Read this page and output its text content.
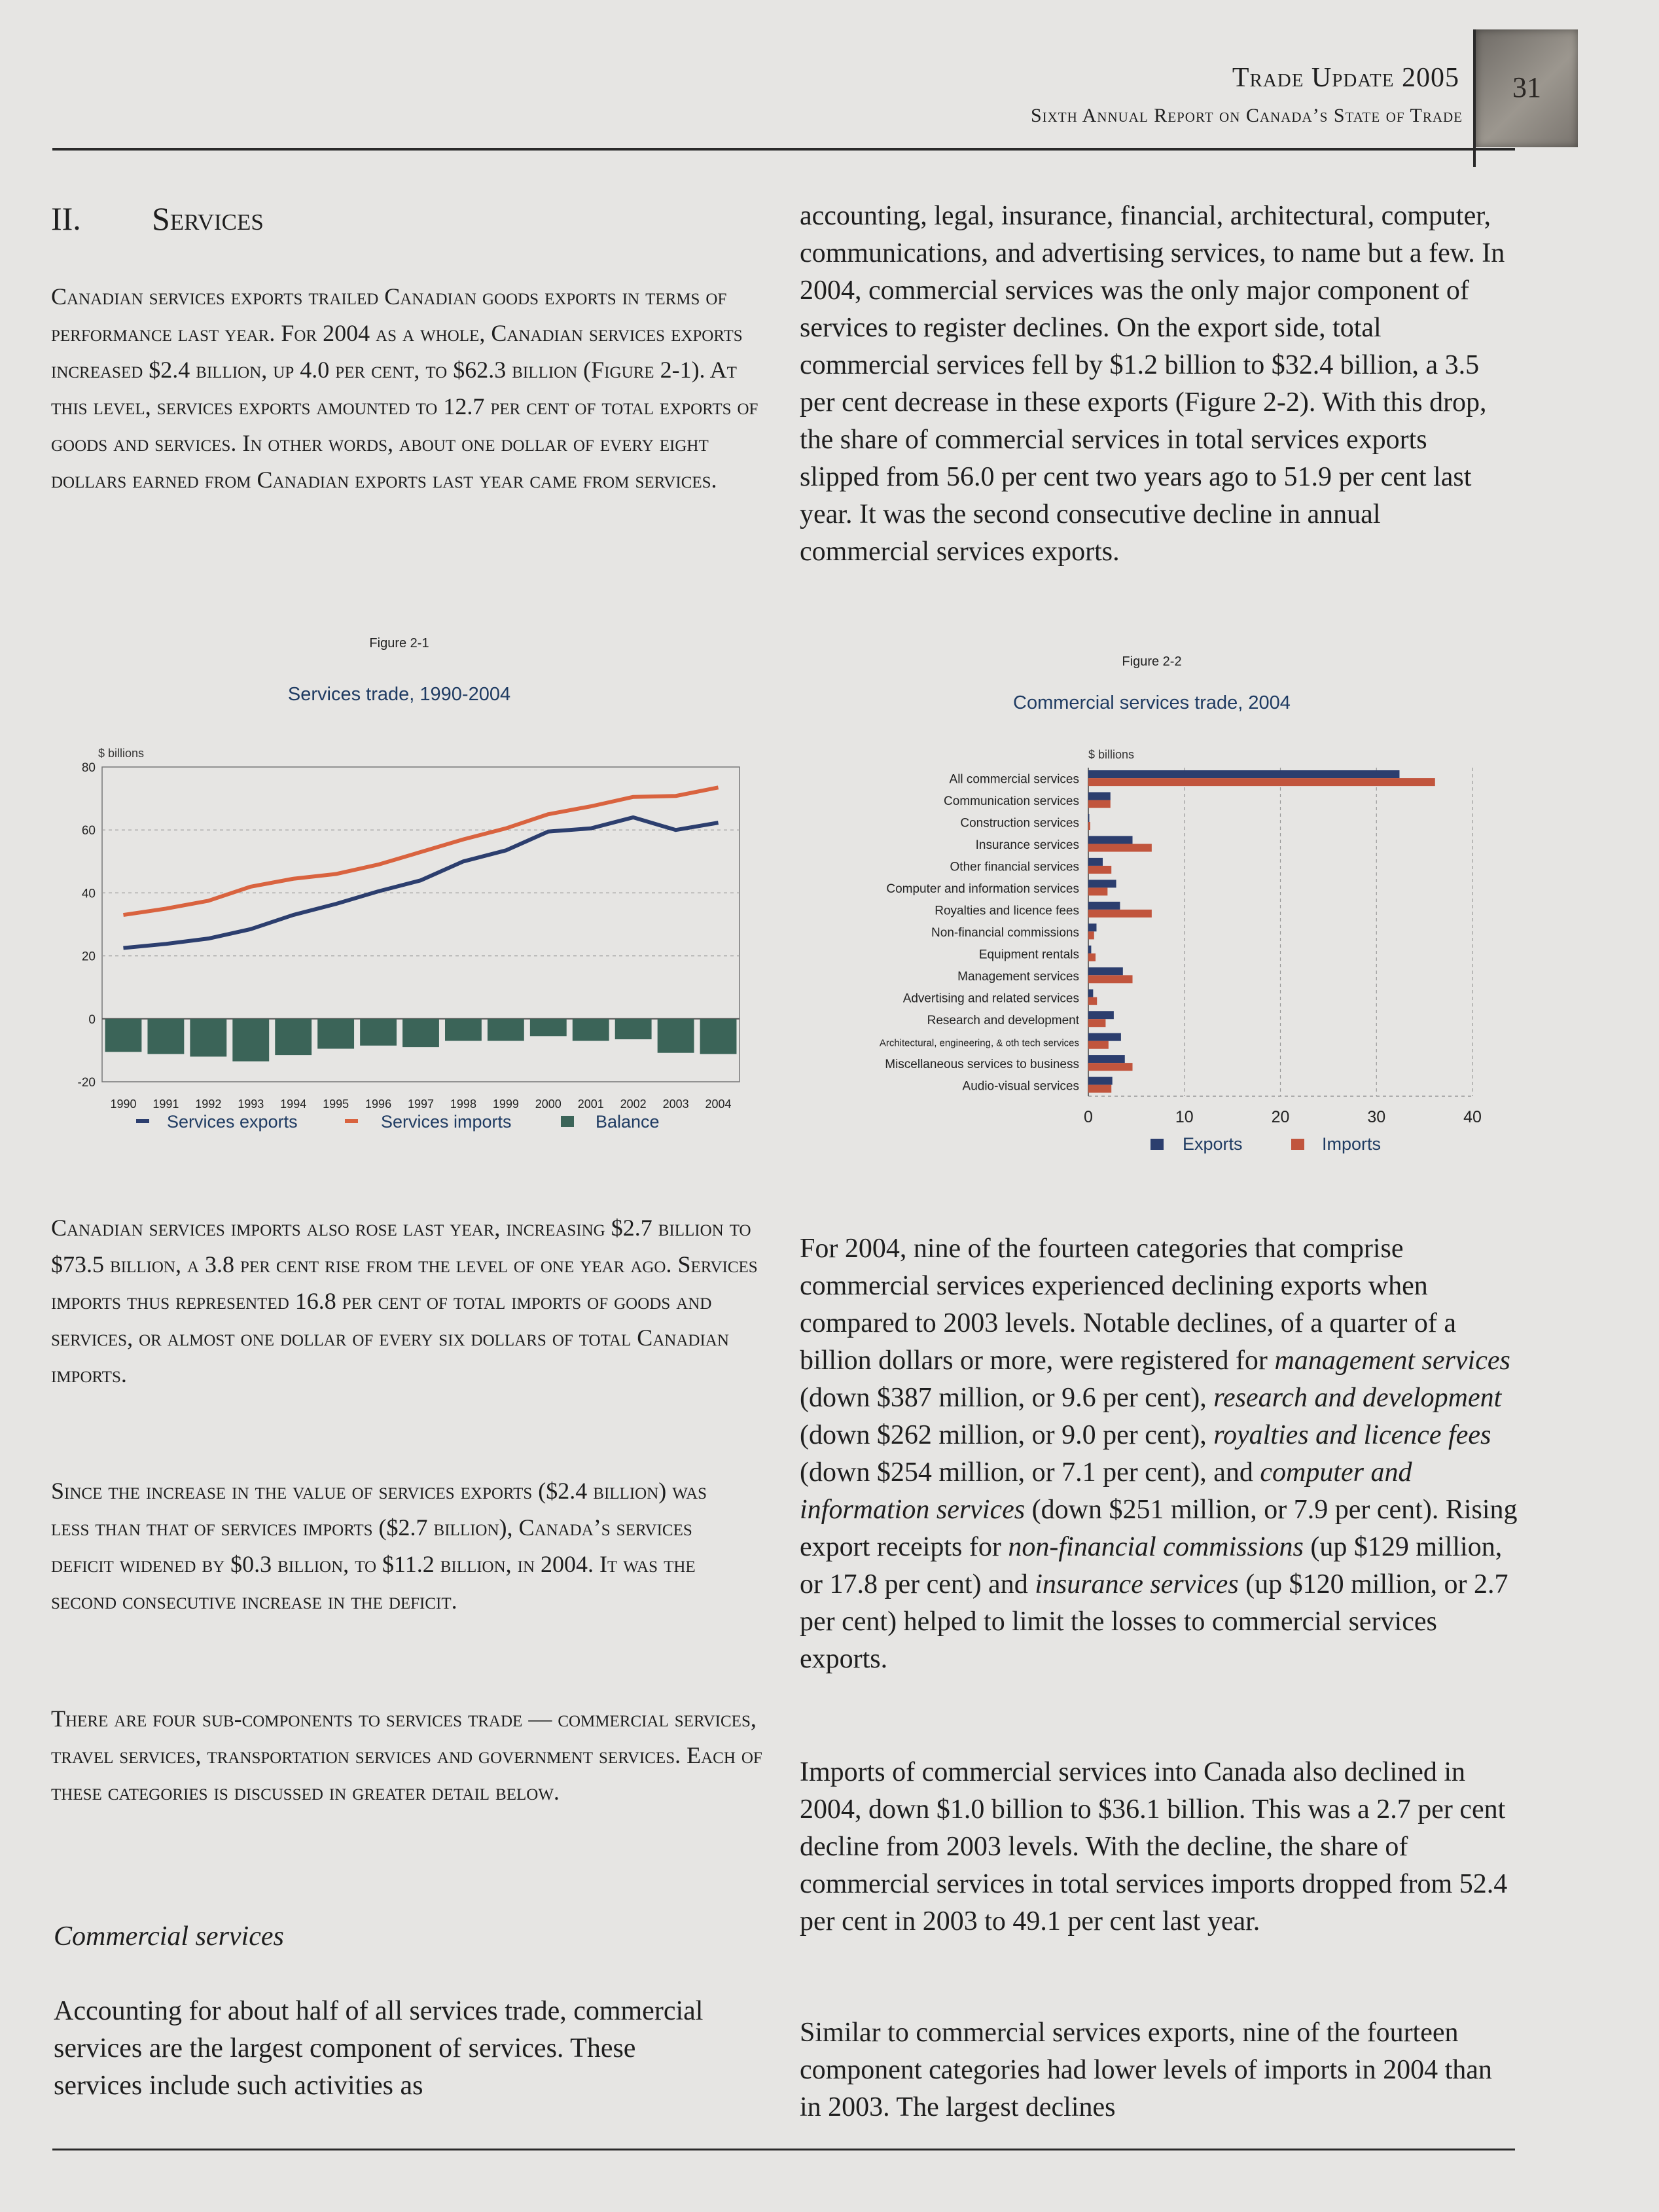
Trade Update 2005
Sixth Annual Report on Canada’s State of Trade
31
II. Services
Canadian services exports trailed Canadian goods exports in terms of performance last year. For 2004 as a whole, Canadian services exports increased $2.4 billion, up 4.0 per cent, to $62.3 billion (Figure 2-1). At this level, services exports amounted to 12.7 per cent of total exports of goods and services. In other words, about one dollar of every eight dollars earned from Canadian exports last year came from services.
Figure 2-1
Services trade, 1990-2004
-20
0
20
40
60
80
1990 1991 1992 1993 1994 1995 1996 1997 1998 1999 2000 2001 2002 2003 2004
$ billions
Services exports	Services imports	Balance
Canadian services imports also rose last year, increasing $2.7 billion to $73.5 billion, a 3.8 per cent rise from the level of one year ago. Services imports thus represented 16.8 per cent of total imports of goods and services, or almost one dollar of every six dollars of total Canadian imports.
Since the increase in the value of services exports ($2.4 billion) was less than that of services imports ($2.7 billion), Canada’s services deficit widened by $0.3 billion, to $11.2 billion, in 2004. It was the second consecutive increase in the deficit.
There are four sub-components to services trade — commercial services, travel services, transportation services and government services. Each of these categories is discussed in greater detail below.
Commercial services
Accounting for about half of all services trade, commercial services are the largest component of services. These services include such activities as
accounting, legal, insurance, financial, architectural, computer, communications, and advertising services, to name but a few. In 2004, commercial services was the only major component of services to register declines. On the export side, total commercial services fell by $1.2 billion to $32.4 billion, a 3.5 per cent decrease in these exports (Figure 2-2). With this drop, the share of commercial services in total services exports slipped from 56.0 per cent two years ago to 51.9 per cent last year. It was the second consecutive decline in annual commercial services exports.
Figure 2-2
Commercial services trade, 2004
All commercial services
Communication services
Construction services
Insurance services
Other financial services
Computer and information services
Royalties and licence fees
Non-financial commissions
Equipment rentals
Management services
Advertising and related services
Research and development
Architectural, engineering, & oth tech services
Miscellaneous services to business
Audio-visual services
0	10	20	30	40
$ billions
Exports	Imports
For 2004, nine of the fourteen categories that comprise commercial services experienced declining exports when compared to 2003 levels. Notable declines, of a quarter of a billion dollars or more, were registered for management services (down $387 million, or 9.6 per cent), research and development (down $262 million, or 9.0 per cent), royalties and licence fees (down $254 million, or 7.1 per cent), and computer and information services (down $251 million, or 7.9 per cent). Rising export receipts for non-financial commissions (up $129 million, or 17.8 per cent) and insurance services (up $120 million, or 2.7 per cent) helped to limit the losses to commercial services exports.
Imports of commercial services into Canada also declined in 2004, down $1.0 billion to $36.1 billion. This was a 2.7 per cent decline from 2003 levels. With the decline, the share of commercial services in total services imports dropped from 52.4 per cent in 2003 to 49.1 per cent last year.
Similar to commercial services exports, nine of the fourteen component categories had lower levels of imports in 2004 than in 2003. The largest declines
